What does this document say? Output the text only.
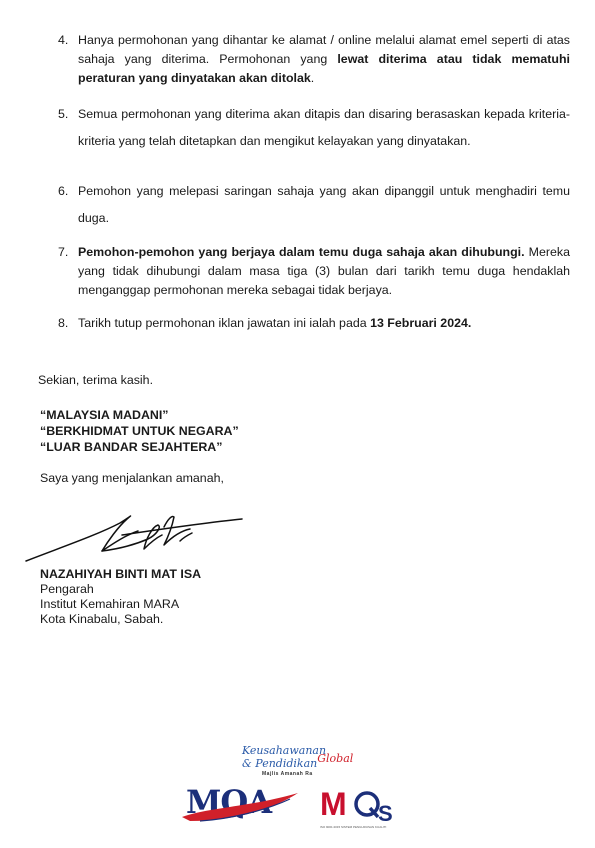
4. Hanya permohonan yang dihantar ke alamat / online melalui alamat emel seperti di atas sahaja yang diterima. Permohonan yang lewat diterima atau tidak mematuhi peraturan yang dinyatakan akan ditolak.
5. Semua permohonan yang diterima akan ditapis dan disaring berasaskan kepada kriteria-kriteria yang telah ditetapkan dan mengikut kelayakan yang dinyatakan.
6. Pemohon yang melepasi saringan sahaja yang akan dipanggil untuk menghadiri temu duga.
7. Pemohon-pemohon yang berjaya dalam temu duga sahaja akan dihubungi. Mereka yang tidak dihubungi dalam masa tiga (3) bulan dari tarikh temu duga hendaklah menganggap permohonan mereka sebagai tidak berjaya.
8. Tarikh tutup permohonan iklan jawatan ini ialah pada 13 Februari 2024.
Sekian, terima kasih.
“MALAYSIA MADANI”
“BERKHIDMAT UNTUK NEGARA”
“LUAR BANDAR SEJAHTERA”
Saya yang menjalankan amanah,
NAZAHIYAH BINTI MAT ISA
Pengarah
Institut Kemahiran MARA
Kota Kinabalu, Sabah.
Keusahawanan
& Pendidikan$^{Global}$
Majlis Amanah Ra
MQA M S
ISO 9001:2015 SISTEM PENGURUSAN KUALITI
